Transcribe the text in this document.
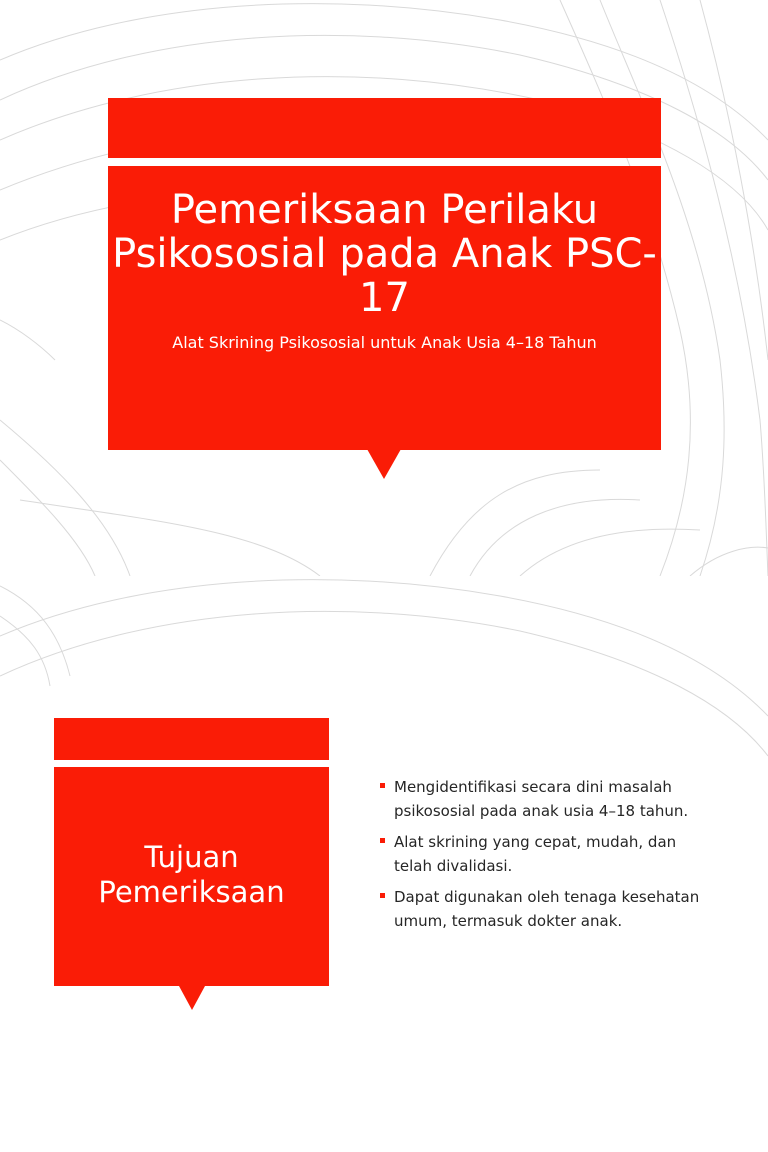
Pemeriksaan Perilaku Psikososial pada Anak PSC-17
Alat Skrining Psikososial untuk Anak Usia 4–18 Tahun
Tujuan Pemeriksaan
Mengidentifikasi secara dini masalah psikososial pada anak usia 4–18 tahun.
Alat skrining yang cepat, mudah, dan telah divalidasi.
Dapat digunakan oleh tenaga kesehatan umum, termasuk dokter anak.
